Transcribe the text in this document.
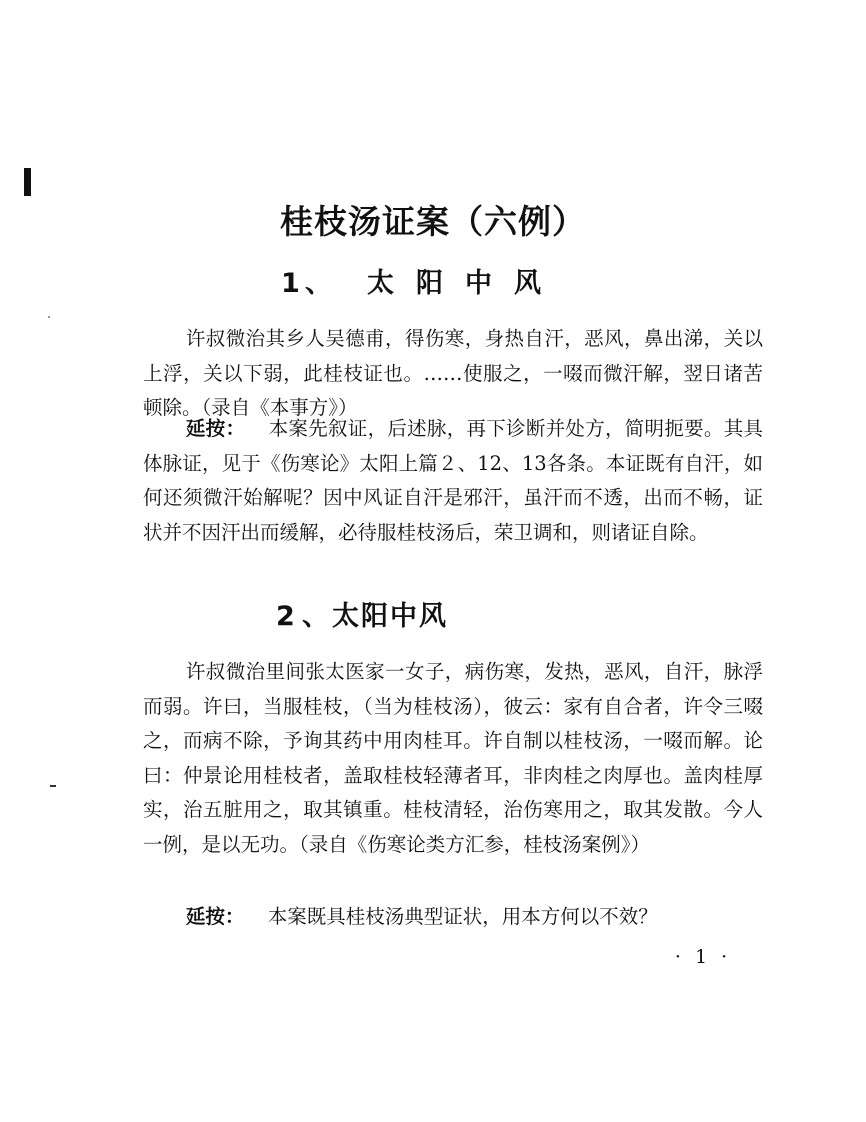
桂枝汤证案（六例）
1 、 太阳中风

许叔微治其乡人吴德甫，得伤寒，身热自汗，恶风，鼻出涕，关以上浮，关以下弱，此桂枝证也。……使服之，一啜而微汗解，翌日诸苦顿除。（录自《本事方》）

延按： 本案先叙证，后述脉，再下诊断并处方，简明扼要。其具体脉证，见于《伤寒论》太阳上篇２、12、13各条。本证既有自汗，如何还须微汗始解呢？因中风证自汗是邪汗，虽汗而不透，出而不畅，证状并不因汗出而缓解，必待服桂枝汤后，荣卫调和，则诸证自除。

2 、 太阳中风

许叔微治里间张太医家一女子，病伤寒，发热，恶风，自汗，脉浮而弱。许曰，当服桂枝，（当为桂枝汤），彼云：家有自合者，许令三啜之，而病不除，予询其药中用肉桂耳。许自制以桂枝汤，一啜而解。论曰：仲景论用桂枝者，盖取桂枝轻薄者耳，非肉桂之肉厚也。盖肉桂厚实，治五脏用之，取其镇重。桂枝清轻，治伤寒用之，取其发散。今人一例，是以无功。（录自《伤寒论类方汇参，桂枝汤案例》）

延按： 本案既具桂枝汤典型证状，用本方何以不效？

· 1 ·
